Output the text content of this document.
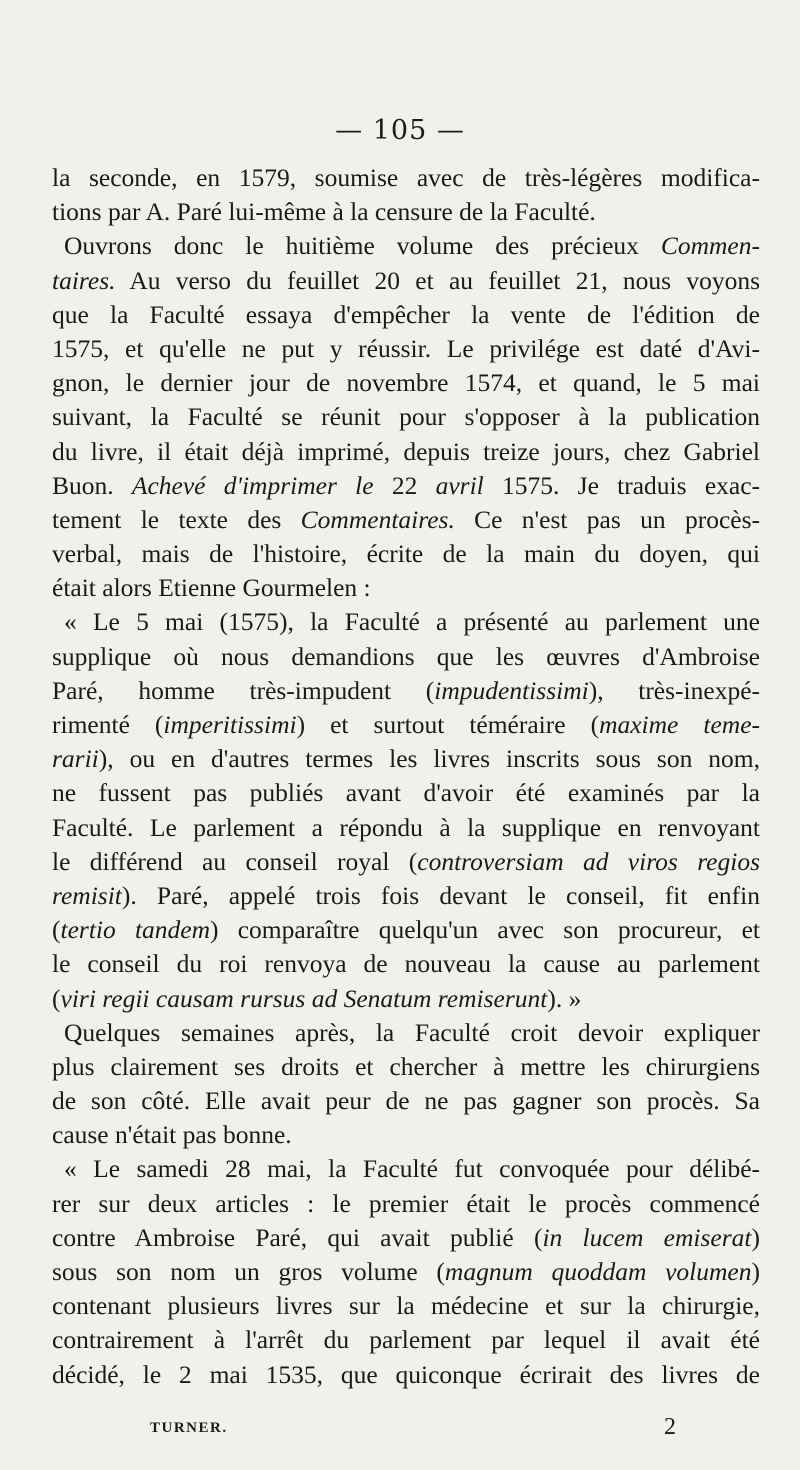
— 105 —
la seconde, en 1579, soumise avec de très-légères modifica-
tions par A. Paré lui-même à la censure de la Faculté.
Ouvrons donc le huitième volume des précieux Commen-
taires. Au verso du feuillet 20 et au feuillet 21, nous voyons
que la Faculté essaya d'empêcher la vente de l'édition de
1575, et qu'elle ne put y réussir. Le privilége est daté d'Avi-
gnon, le dernier jour de novembre 1574, et quand, le 5 mai
suivant, la Faculté se réunit pour s'opposer à la publication
du livre, il était déjà imprimé, depuis treize jours, chez Gabriel
Buon. Achevé d'imprimer le 22 avril 1575. Je traduis exac-
tement le texte des Commentaires. Ce n'est pas un procès-
verbal, mais de l'histoire, écrite de la main du doyen, qui
était alors Etienne Gourmelen :
« Le 5 mai (1575), la Faculté a présenté au parlement une
supplique où nous demandions que les œuvres d'Ambroise
Paré, homme très-impudent (impudentissimi), très-inexpé-
rimenté (imperitissimi) et surtout téméraire (maxime teme-
rarii), ou en d'autres termes les livres inscrits sous son nom,
ne fussent pas publiés avant d'avoir été examinés par la
Faculté. Le parlement a répondu à la supplique en renvoyant
le différend au conseil royal (controversiam ad viros regios
remisit). Paré, appelé trois fois devant le conseil, fit enfin
(tertio tandem) comparaître quelqu'un avec son procureur, et
le conseil du roi renvoya de nouveau la cause au parlement
(viri regii causam rursus ad Senatum remiserunt). »
Quelques semaines après, la Faculté croit devoir expliquer
plus clairement ses droits et chercher à mettre les chirurgiens
de son côté. Elle avait peur de ne pas gagner son procès. Sa
cause n'était pas bonne.
« Le samedi 28 mai, la Faculté fut convoquée pour délibé-
rer sur deux articles : le premier était le procès commencé
contre Ambroise Paré, qui avait publié (in lucem emiserat)
sous son nom un gros volume (magnum quoddam volumen)
contenant plusieurs livres sur la médecine et sur la chirurgie,
contrairement à l'arrêt du parlement par lequel il avait été
décidé, le 2 mai 1535, que quiconque écrirait des livres de
TURNER.	2
